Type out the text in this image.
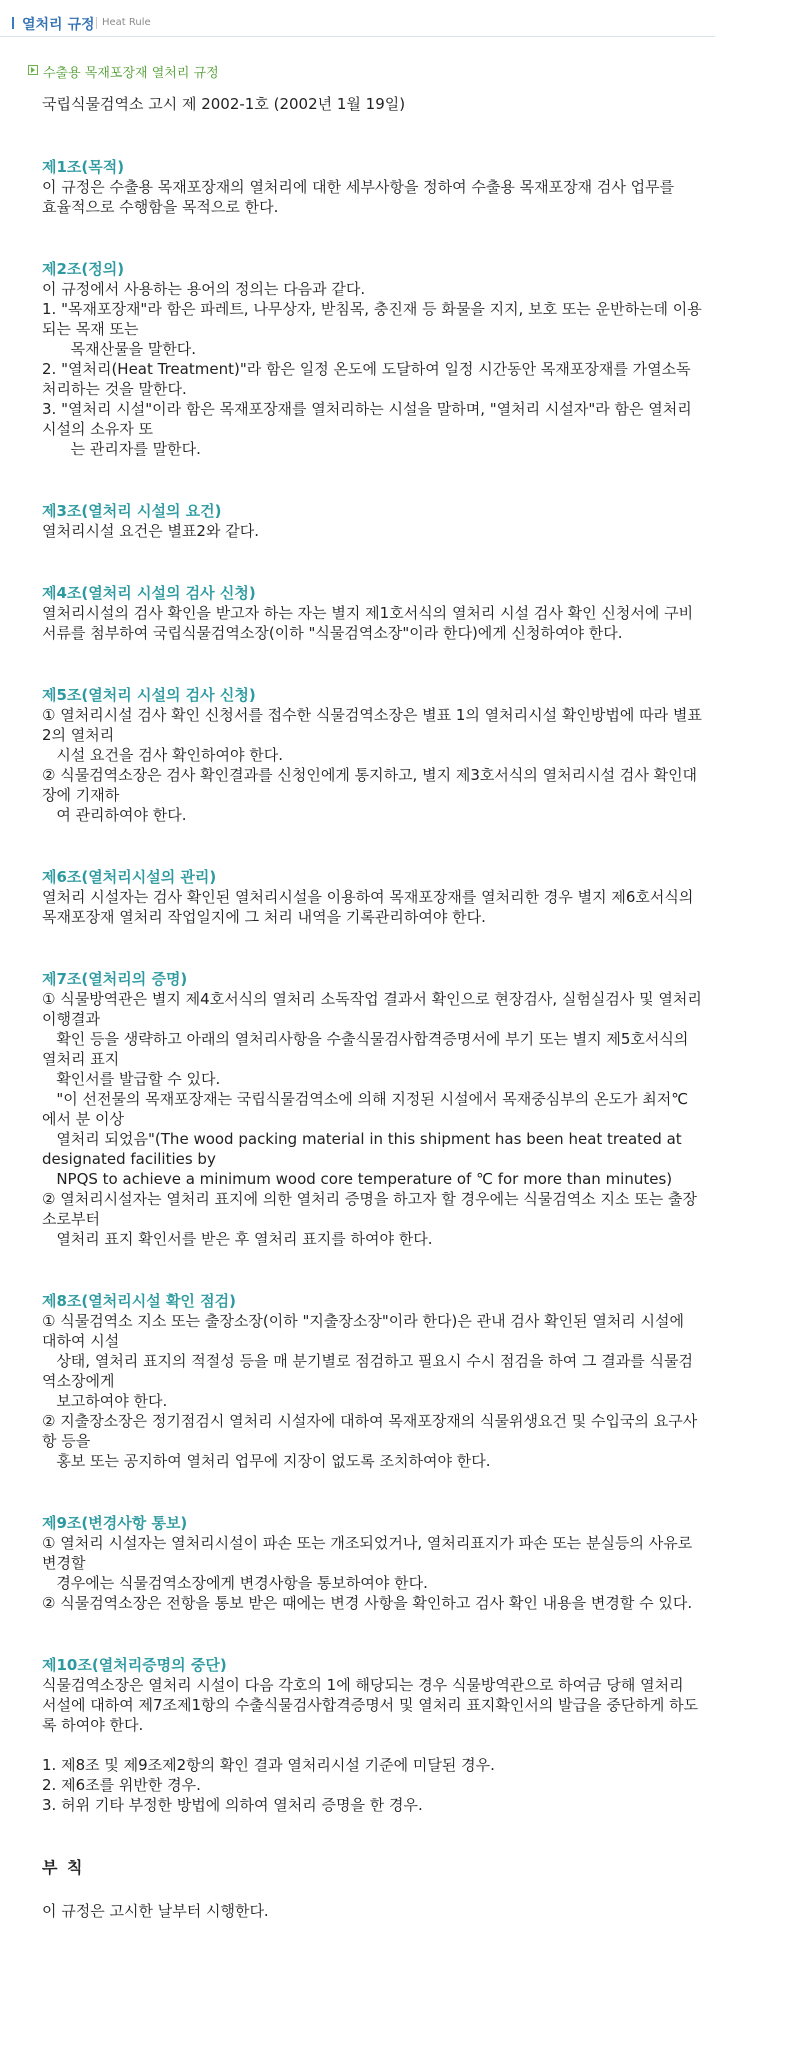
열처리 규정 Heat Rule
수출용 목재포장재 열처리 규정
국립식물검역소 고시 제 2002-1호 (2002년 1월 19일)
제1조(목적)
이 규정은 수출용 목재포장재의 열처리에 대한 세부사항을 정하여 수출용 목재포장재 검사 업무를
효율적으로 수행함을 목적으로 한다.
제2조(정의)
이 규정에서 사용하는 용어의 정의는 다음과 같다.
1. "목재포장재"라 함은 파레트, 나무상자, 받침목, 충진재 등 화물을 지지, 보호 또는 운반하는데 이용되는 목재 또는
목재산물을 말한다.
2. "열처리(Heat Treatment)"라 함은 일정 온도에 도달하여 일정 시간동안 목재포장재를 가열소독처리하는 것을 말한다.
3. "열처리 시설"이라 함은 목재포장재를 열처리하는 시설을 말하며, "열처리 시설자"라 함은 열처리시설의 소유자 또
는 관리자를 말한다.
제3조(열처리 시설의 요건)
열처리시설 요건은 별표2와 같다.
제4조(열처리 시설의 검사 신청)
열처리시설의 검사 확인을 받고자 하는 자는 별지 제1호서식의 열처리 시설 검사 확인 신청서에 구비서류를 첨부하여 국립식물검역소장(이하 "식물검역소장"이라 한다)에게 신청하여야 한다.
제5조(열처리 시설의 검사 신청)
① 열처리시설 검사 확인 신청서를 접수한 식물검역소장은 별표 1의 열처리시설 확인방법에 따라 별표2의 열처리
시설 요건을 검사 확인하여야 한다.
② 식물검역소장은 검사 확인결과를 신청인에게 통지하고, 별지 제3호서식의 열처리시설 검사 확인대장에 기재하
여 관리하여야 한다.
제6조(열처리시설의 관리)
열처리 시설자는 검사 확인된 열처리시설을 이용하여 목재포장재를 열처리한 경우 별지 제6호서식의 목재포장재 열처리 작업일지에 그 처리 내역을 기록관리하여야 한다.
제7조(열처리의 증명)
① 식물방역관은 별지 제4호서식의 열처리 소독작업 결과서 확인으로 현장검사, 실험실검사 및 열처리 이행결과
확인 등을 생략하고 아래의 열처리사항을 수출식물검사합격증명서에 부기 또는 별지 제5호서식의 열처리 표지
확인서를 발급할 수 있다.
"이 선전물의 목재포장재는 국립식물검역소에 의해 지정된 시설에서 목재중심부의 온도가 최저℃에서 분 이상
열처리 되었음"(The wood packing material in this shipment has been heat treated at designated facilities by
NPQS to achieve a minimum wood core temperature of ℃ for more than minutes)
② 열처리시설자는 열처리 표지에 의한 열처리 증명을 하고자 할 경우에는 식물검역소 지소 또는 출장소로부터
열처리 표지 확인서를 받은 후 열처리 표지를 하여야 한다.
제8조(열처리시설 확인 점검)
① 식물검역소 지소 또는 출장소장(이하 "지출장소장"이라 한다)은 관내 검사 확인된 열처리 시설에 대하여 시설
상태, 열처리 표지의 적절성 등을 매 분기별로 점검하고 필요시 수시 점검을 하여 그 결과를 식물검역소장에게
보고하여야 한다.
② 지출장소장은 정기점검시 열처리 시설자에 대하여 목재포장재의 식물위생요건 및 수입국의 요구사항 등을
홍보 또는 공지하여 열처리 업무에 지장이 없도록 조치하여야 한다.
제9조(변경사항 통보)
① 열처리 시설자는 열처리시설이 파손 또는 개조되었거나, 열처리표지가 파손 또는 분실등의 사유로변경할
경우에는 식물검역소장에게 변경사항을 통보하여야 한다.
② 식물검역소장은 전항을 통보 받은 때에는 변경 사항을 확인하고 검사 확인 내용을 변경할 수 있다.
제10조(열처리증명의 중단)
식물검역소장은 열처리 시설이 다음 각호의 1에 해당되는 경우 식물방역관으로 하여금 당해 열처리 서설에 대하여 제7조제1항의 수출식물검사합격증명서 및 열처리 표지확인서의 발급을 중단하게 하도록 하여야 한다.
1. 제8조 및 제9조제2항의 확인 결과 열처리시설 기준에 미달된 경우.
2. 제6조를 위반한 경우.
3. 허위 기타 부정한 방법에 의하여 열처리 증명을 한 경우.
부 칙
이 규정은 고시한 날부터 시행한다.
